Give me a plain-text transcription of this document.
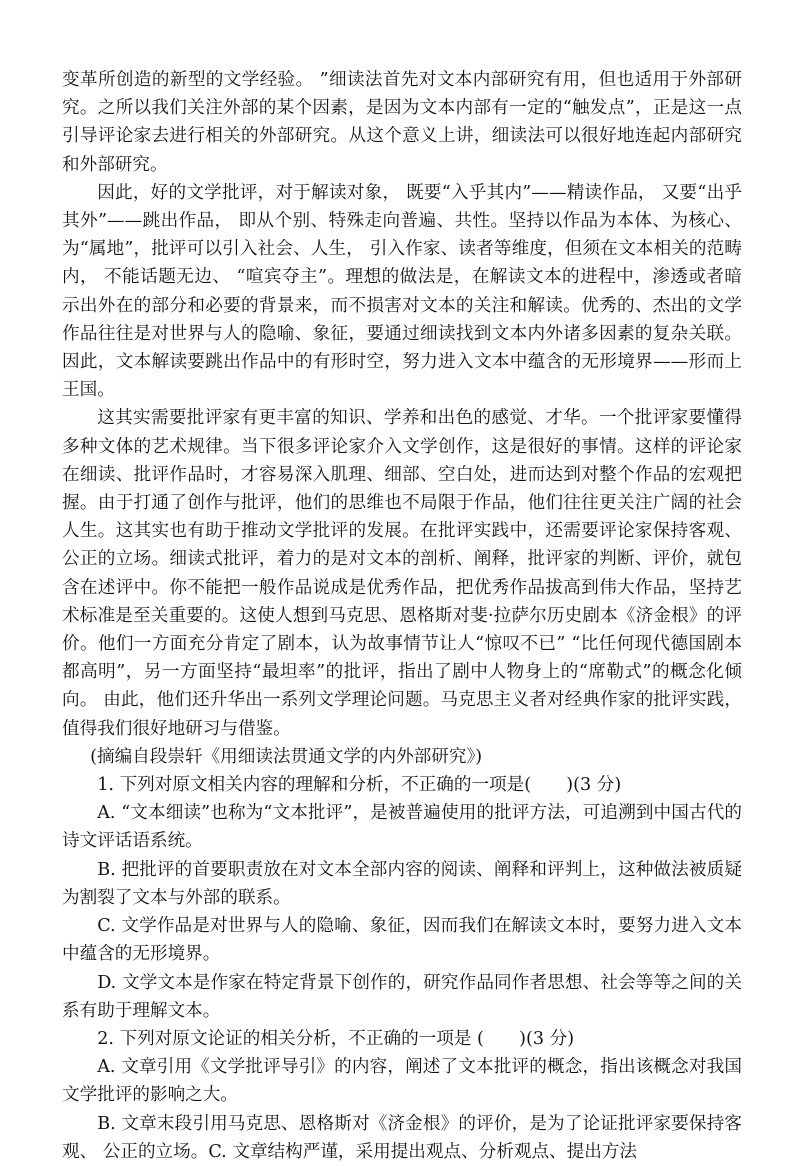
变革所创造的新型的文学经验。 ”细读法首先对文本内部研究有用，但也适用于外部研究。之所以我们关注外部的某个因素，是因为文本内部有一定的“触发点”，正是这一点引导评论家去进行相关的外部研究。从这个意义上讲，细读法可以很好地连起内部研究和外部研究。

因此，好的文学批评，对于解读对象， 既要“入乎其内”——精读作品， 又要“出乎其外”——跳出作品， 即从个别、特殊走向普遍、共性。坚持以作品为本体、为核心、为“属地”，批评可以引入社会、人生， 引入作家、读者等维度，但须在文本相关的范畴内， 不能话题无边、 “喧宾夺主”。理想的做法是，在解读文本的进程中，渗透或者暗示出外在的部分和必要的背景来，而不损害对文本的关注和解读。优秀的、杰出的文学作品往往是对世界与人的隐喻、象征，要通过细读找到文本内外诸多因素的复杂关联。因此，文本解读要跳出作品中的有形时空，努力进入文本中蕴含的无形境界——形而上王国。

这其实需要批评家有更丰富的知识、学养和出色的感觉、才华。一个批评家要懂得多种文体的艺术规律。当下很多评论家介入文学创作，这是很好的事情。这样的评论家在细读、批评作品时，才容易深入肌理、细部、空白处，进而达到对整个作品的宏观把握。由于打通了创作与批评，他们的思维也不局限于作品，他们往往更关注广阔的社会人生。这其实也有助于推动文学批评的发展。在批评实践中，还需要评论家保持客观、公正的立场。细读式批评，着力的是对文本的剖析、阐释，批评家的判断、评价，就包含在述评中。你不能把一般作品说成是优秀作品，把优秀作品拔高到伟大作品，坚持艺术标准是至关重要的。这使人想到马克思、恩格斯对斐·拉萨尔历史剧本《济金根》的评价。他们一方面充分肯定了剧本，认为故事情节让人“惊叹不已” “比任何现代德国剧本都高明”，另一方面坚持“最坦率”的批评，指出了剧中人物身上的“席勒式”的概念化倾向。 由此，他们还升华出一系列文学理论问题。马克思主义者对经典作家的批评实践，值得我们很好地研习与借鉴。

(摘编自段崇轩《用细读法贯通文学的内外部研究》)

1. 下列对原文相关内容的理解和分析，不正确的一项是(　　)(3 分)

A. “文本细读”也称为“文本批评”，是被普遍使用的批评方法，可追溯到中国古代的诗文评话语系统。

B. 把批评的首要职责放在对文本全部内容的阅读、阐释和评判上，这种做法被质疑为割裂了文本与外部的联系。

C. 文学作品是对世界与人的隐喻、象征，因而我们在解读文本时，要努力进入文本中蕴含的无形境界。

D. 文学文本是作家在特定背景下创作的，研究作品同作者思想、社会等等之间的关系有助于理解文本。

2. 下列对原文论证的相关分析，不正确的一项是 (　　)(3 分)

A. 文章引用《文学批评导引》的内容，阐述了文本批评的概念，指出该概念对我国文学批评的影响之大。

B. 文章末段引用马克思、恩格斯对《济金根》的评价，是为了论证批评家要保持客观、 公正的立场。C. 文章结构严谨，采用提出观点、分析观点、提出方法
